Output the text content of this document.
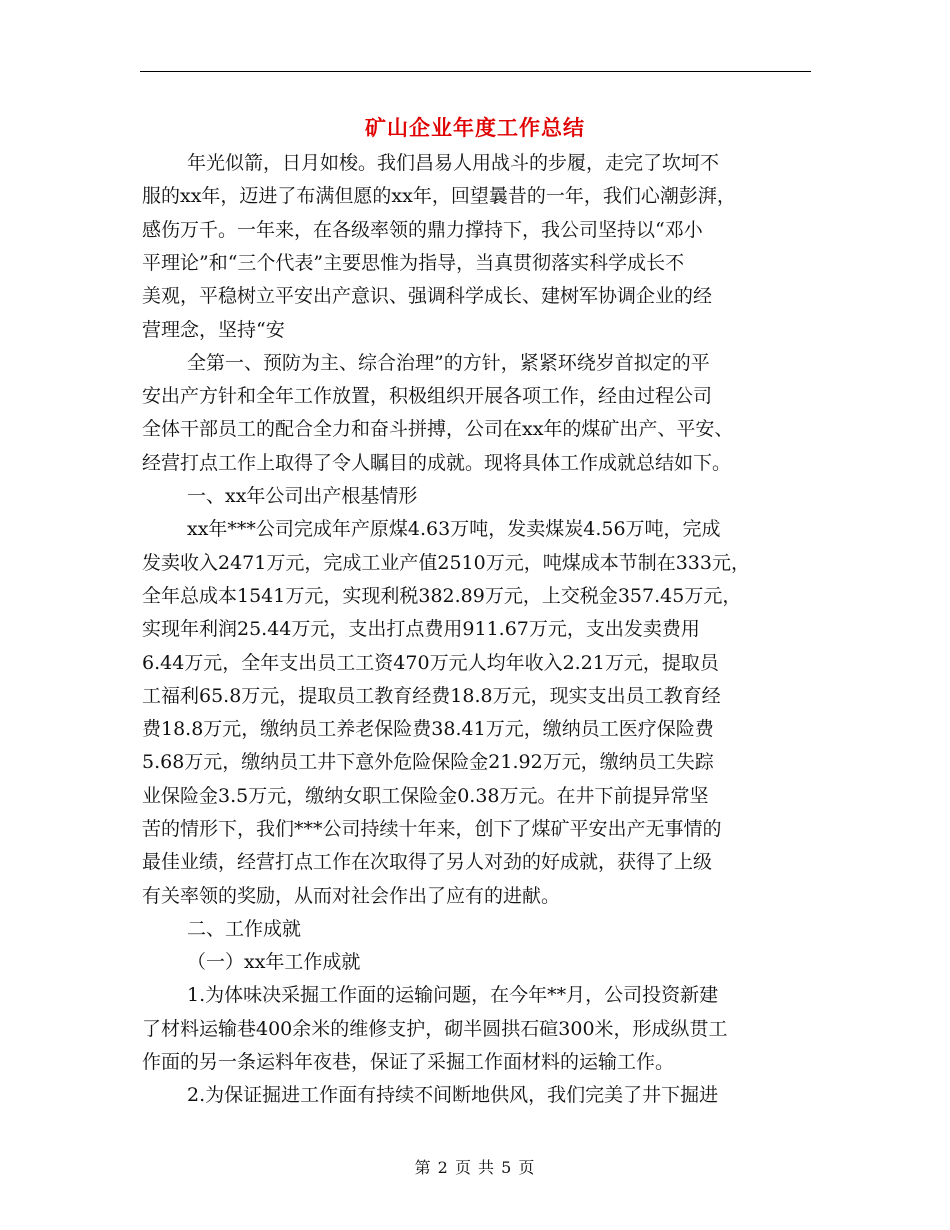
矿山企业年度工作总结

年光似箭，日月如梭。我们昌易人用战斗的步履，走完了坎坷不

服的xx年，迈进了布满但愿的xx年，回望曩昔的一年，我们心潮彭湃，

感伤万千。一年来，在各级率领的鼎力撑持下，我公司坚持以“邓小

平理论”和“三个代表”主要思惟为指导，当真贯彻落实科学成长不

美观，平稳树立平安出产意识、强调科学成长、建树军协调企业的经

营理念，坚持“安

全第一、预防为主、综合治理”的方针，紧紧环绕岁首拟定的平

安出产方针和全年工作放置，积极组织开展各项工作，经由过程公司

全体干部员工的配合全力和奋斗拼搏，公司在xx年的煤矿出产、平安、

经营打点工作上取得了令人瞩目的成就。现将具体工作成就总结如下。

一、xx年公司出产根基情形

xx年***公司完成年产原煤4.63万吨，发卖煤炭4.56万吨，完成

发卖收入2471万元，完成工业产值2510万元，吨煤成本节制在333元，

全年总成本1541万元，实现利税382.89万元，上交税金357.45万元，

实现年利润25.44万元，支出打点费用911.67万元，支出发卖费用

6.44万元，全年支出员工工资470万元人均年收入2.21万元，提取员

工福利65.8万元，提取员工教育经费18.8万元，现实支出员工教育经

费18.8万元，缴纳员工养老保险费38.41万元，缴纳员工医疗保险费

5.68万元，缴纳员工井下意外危险保险金21.92万元，缴纳员工失踪

业保险金3.5万元，缴纳女职工保险金0.38万元。在井下前提异常坚

苦的情形下，我们***公司持续十年来，创下了煤矿平安出产无事情的

最佳业绩，经营打点工作在次取得了另人对劲的好成就，获得了上级

有关率领的奖励，从而对社会作出了应有的进献。

二、工作成就

（一）xx年工作成就

1.为体味决采掘工作面的运输问题，在今年**月，公司投资新建

了材料运输巷400余米的维修支护，砌半圆拱石碹300米，形成纵贯工

作面的另一条运料年夜巷，保证了采掘工作面材料的运输工作。

2.为保证掘进工作面有持续不间断地供风，我们完美了井下掘进

第 2 页 共 5 页
